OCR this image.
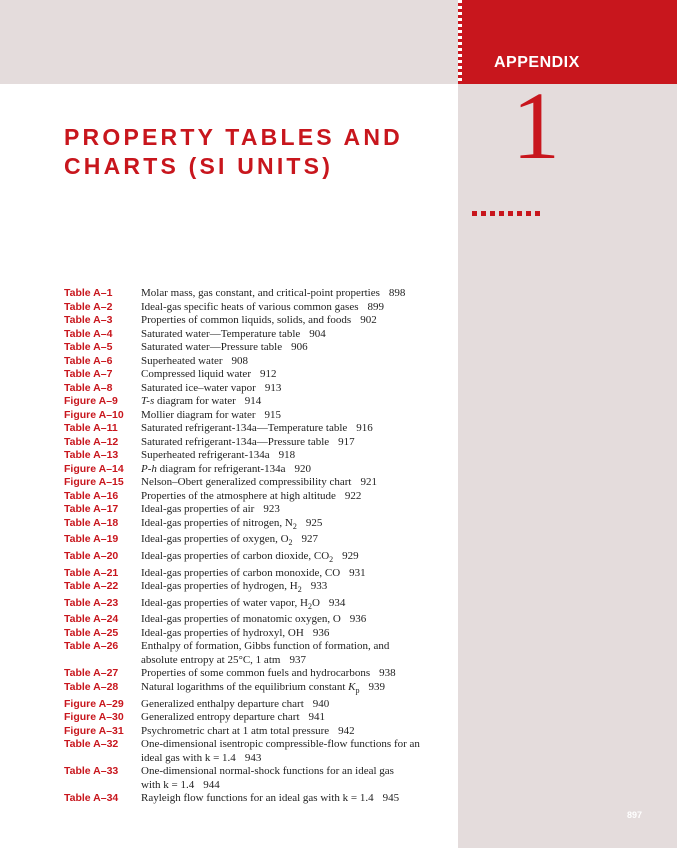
APPENDIX
1
PROPERTY TABLES AND
CHARTS (SI UNITS)
Table A–1	Molar mass, gas constant, and critical-point properties 898
Table A–2	Ideal-gas specific heats of various common gases 899
Table A–3	Properties of common liquids, solids, and foods 902
Table A–4	Saturated water—Temperature table 904
Table A–5	Saturated water—Pressure table 906
Table A–6	Superheated water 908
Table A–7	Compressed liquid water 912
Table A–8	Saturated ice–water vapor 913
Figure A–9	T-s diagram for water 914
Figure A–10	Mollier diagram for water 915
Table A–11	Saturated refrigerant-134a—Temperature table 916
Table A–12	Saturated refrigerant-134a—Pressure table 917
Table A–13	Superheated refrigerant-134a 918
Figure A–14	P-h diagram for refrigerant-134a 920
Figure A–15	Nelson–Obert generalized compressibility chart 921
Table A–16	Properties of the atmosphere at high altitude 922
Table A–17	Ideal-gas properties of air 923
Table A–18	Ideal-gas properties of nitrogen, $N_2$ 925
Table A–19	Ideal-gas properties of oxygen, $O_2$ 927
Table A–20	Ideal-gas properties of carbon dioxide, $CO_2$ 929
Table A–21	Ideal-gas properties of carbon monoxide, CO 931
Table A–22	Ideal-gas properties of hydrogen, $H_2$ 933
Table A–23	Ideal-gas properties of water vapor, $H_2O$ 934
Table A–24	Ideal-gas properties of monatomic oxygen, O 936
Table A–25	Ideal-gas properties of hydroxyl, OH 936
Table A–26	Enthalpy of formation, Gibbs function of formation, and
absolute entropy at 25°C, 1 atm 937
Table A–27	Properties of some common fuels and hydrocarbons 938
Table A–28	Natural logarithms of the equilibrium constant $K_p$ 939
Figure A–29	Generalized enthalpy departure chart 940
Figure A–30	Generalized entropy departure chart 941
Figure A–31	Psychrometric chart at 1 atm total pressure 942
Table A–32	One-dimensional isentropic compressible-flow functions for an
ideal gas with k = 1.4 943
Table A–33	One-dimensional normal-shock functions for an ideal gas
with k = 1.4 944
Table A–34	Rayleigh flow functions for an ideal gas with k = 1.4 945
897
